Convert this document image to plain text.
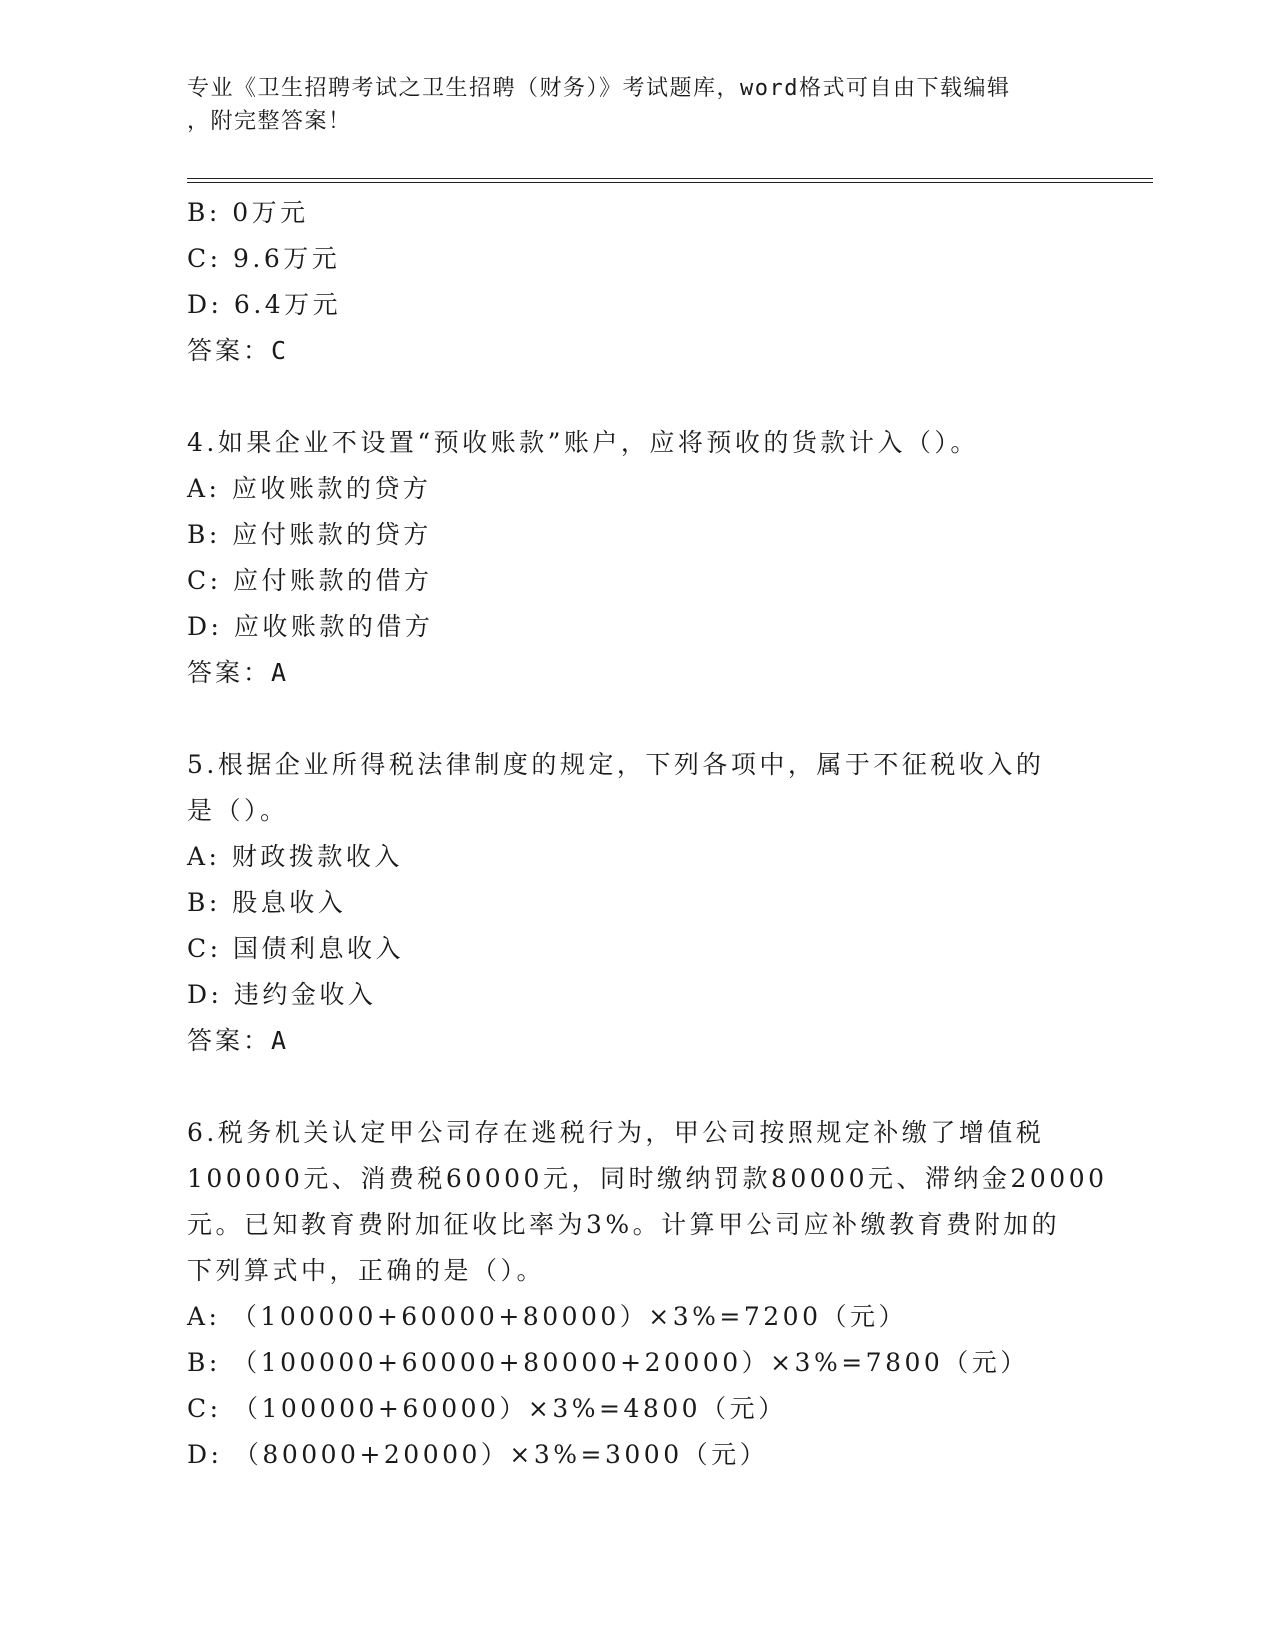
专业《卫生招聘考试之卫生招聘（财务）》考试题库，word格式可自由下载编辑

，附完整答案！
B: 0万元
C: 9.6万元
D: 6.4万元
答案：C
4.如果企业不设置“预收账款”账户，应将预收的货款计入（）。
A: 应收账款的贷方
B: 应付账款的贷方
C: 应付账款的借方
D: 应收账款的借方
答案：A
5.根据企业所得税法律制度的规定，下列各项中，属于不征税收入的
是（）。
A: 财政拨款收入
B: 股息收入
C: 国债利息收入
D: 违约金收入
答案：A
6.税务机关认定甲公司存在逃税行为，甲公司按照规定补缴了增值税
100000元、消费税60000元，同时缴纳罚款80000元、滞纳金20000
元。已知教育费附加征收比率为3%。计算甲公司应补缴教育费附加的
下列算式中，正确的是（）。
A: （100000+60000+80000）×3%=7200（元）
B: （100000+60000+80000+20000）×3%=7800（元）
C: （100000+60000）×3%=4800（元）
D: （80000+20000）×3%=3000（元）
